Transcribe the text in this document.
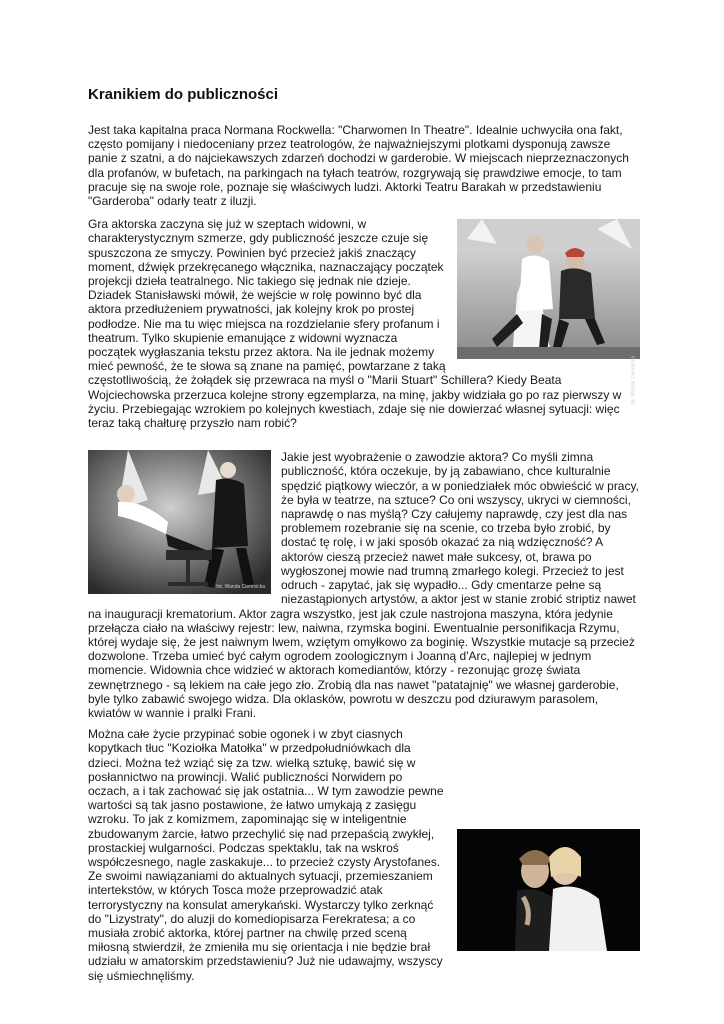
Kranikiem do publiczności

Jest taka kapitalna praca Normana Rockwella: "Charwomen In Theatre". Idealnie uchwyciła ona fakt, często pomijany i niedoceniany przez teatrologów, że najważniejszymi plotkami dysponują zawsze panie z szatni, a do najciekawszych zdarzeń dochodzi w garderobie. W miejscach nieprzeznaczonych dla profanów, w bufetach, na parkingach na tyłach teatrów, rozgrywają się prawdziwe emocje, to tam pracuje się na swoje role, poznaje się właściwych ludzi. Aktorki Teatru Barakah w przedstawieniu "Garderoba" odarły teatr z iluzji.

fot. Wanda Ciemnicka

Gra aktorska zaczyna się już w szeptach widowni, w charakterystycznym szmerze, gdy publiczność jeszcze czuje się spuszczona ze smyczy. Powinien być przecież jakiś znaczący moment, dźwięk przekręcanego włącznika, naznaczający początek projekcji dzieła teatralnego. Nic takiego się jednak nie dzieje. Dziadek Stanisławski mówił, że wejście w rolę powinno być dla aktora przedłużeniem prywatności, jak kolejny krok po prostej podłodze. Nie ma tu więc miejsca na rozdzielanie sfery profanum i theatrum. Tylko skupienie emanujące z widowni wyznacza początek wygłaszania tekstu przez aktora. Na ile jednak możemy mieć pewność, że te słowa są znane na pamięć, powtarzane z taką częstotliwością, że żołądek się przewraca na myśl o "Marii Stuart" Schillera? Kiedy Beata Wojciechowska przerzuca kolejne strony egzemplarza, na minę, jakby widziała go po raz pierwszy w życiu. Przebiegając wzrokiem po kolejnych kwestiach, zdaje się nie dowierzać własnej sytuacji: więc teraz taką chałturę przyszło nam robić?

fot. Wanda Ciemnicka

Jakie jest wyobrażenie o zawodzie aktora? Co myśli zimna publiczność, która oczekuje, by ją zabawiano, chce kulturalnie spędzić piątkowy wieczór, a w poniedziałek móc obwieścić w pracy, że była w teatrze, na sztuce? Co oni wszyscy, ukryci w ciemności, naprawdę o nas myślą? Czy całujemy naprawdę, czy jest dla nas problemem rozebranie się na scenie, co trzeba było zrobić, by dostać tę rolę, i w jaki sposób okazać za nią wdzięczność? A aktorów cieszą przecież nawet małe sukcesy, ot, brawa po wygłoszonej mowie nad trumną zmarłego kolegi. Przecież to jest odruch - zapytać, jak się wypadło... Gdy cmentarze pełne są niezastąpionych artystów, a aktor jest w stanie zrobić striptiz nawet na inauguracji krematorium. Aktor zagra wszystko, jest jak czule nastrojona maszyna, która jedynie przełącza ciało na właściwy rejestr: lew, naiwna, rzymska bogini. Ewentualnie personifikacja Rzymu, której wydaje się, że jest naiwnym lwem, wziętym omyłkowo za boginię. Wszystkie mutacje są przecież dozwolone. Trzeba umieć być całym ogrodem zoologicznym i Joanną d'Arc, najlepiej w jednym momencie. Widownia chce widzieć w aktorach komediantów, którzy - rezonując grozę świata zewnętrznego - są lekiem na całe jego zło. Zrobią dla nas nawet "patatajnię" we własnej garderobie, byle tylko zabawić swojego widza. Dla oklasków, powrotu w deszczu pod dziurawym parasolem, kwiatów w wannie i pralki Frani.

Można całe życie przypinać sobie ogonek i w zbyt ciasnych kopytkach tłuc "Koziołka Matołka" w przedpołudniówkach dla dzieci. Można też wziąć się za tzw. wielką sztukę, bawić się w posłannictwo na prowincji. Walić publiczności Norwidem po oczach, a i tak zachować się jak ostatnia... W tym zawodzie pewne wartości są tak jasno postawione, że łatwo umykają z zasięgu wzroku. To jak z komizmem, zapominając się w inteligentnie zbudowanym żarcie, łatwo przechylić się nad przepaścią zwykłej, prostackiej wulgarności. Podczas spektaklu, tak na wskroś współczesnego, nagle zaskakuje... to przecież czysty Arystofanes. Ze swoimi nawiązaniami do aktualnych sytuacji, przemieszaniem intertekstów, w których Tosca może przeprowadzić atak terrorystyczny na konsulat amerykański. Wystarczy tylko zerknąć do "Lizystraty", do aluzji do komediopisarza Ferekratesa; a co musiała zrobić aktorka, której partner na chwilę przed sceną miłosną stwierdził, że zmieniła mu się orientacja i nie będzie brał udziału w amatorskim przedstawieniu? Już nie udawajmy, wszyscy się uśmiechnęliśmy.
